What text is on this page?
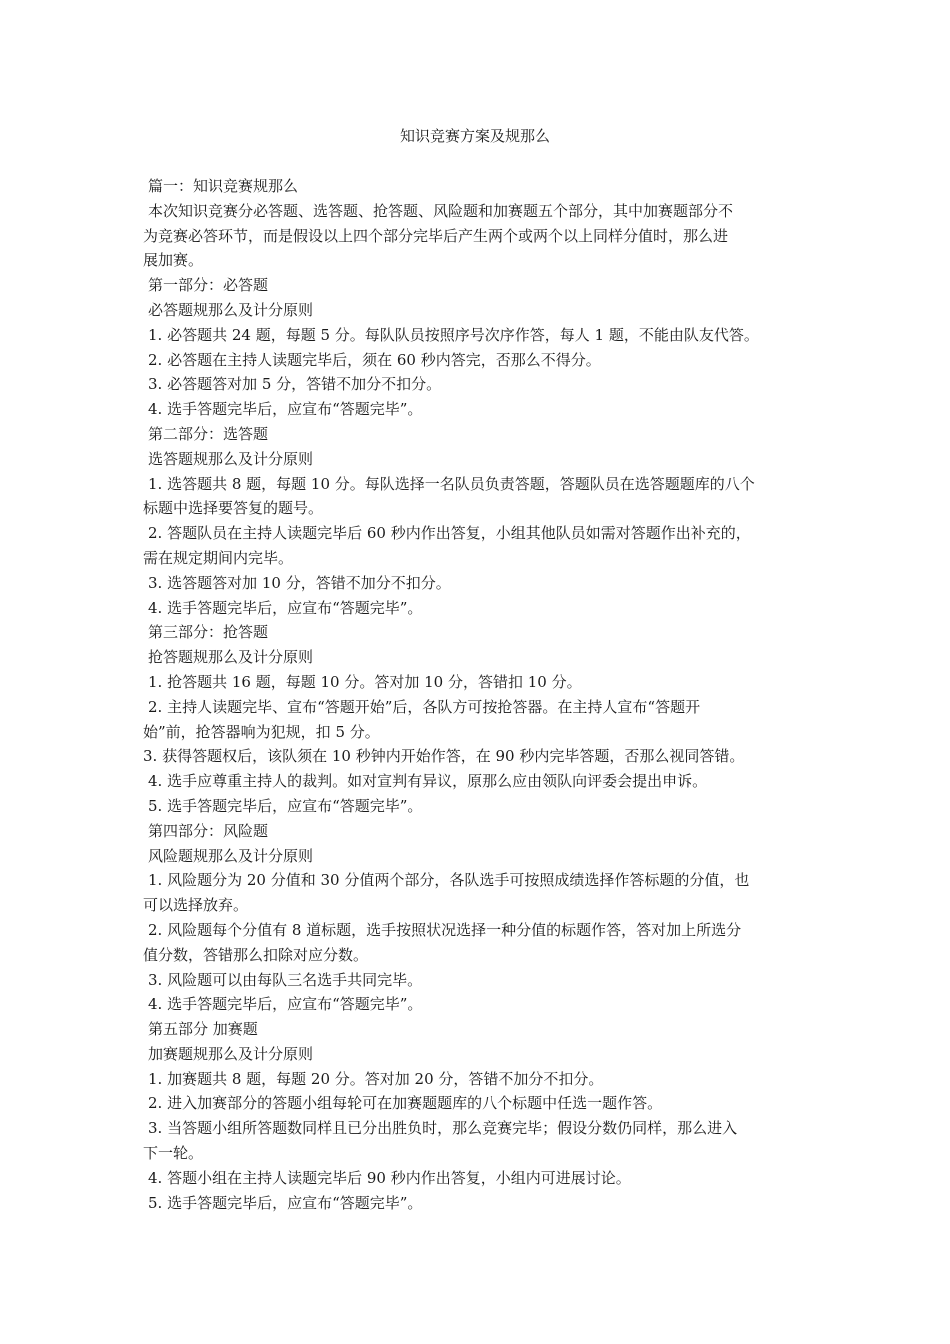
知识竞赛方案及规那么
篇一：知识竞赛规那么
本次知识竞赛分必答题、选答题、抢答题、风险题和加赛题五个部分，其中加赛题部分不
为竞赛必答环节，而是假设以上四个部分完毕后产生两个或两个以上同样分值时，那么进
展加赛。
第一部分：必答题
必答题规那么及计分原则
1. 必答题共 24 题，每题 5 分。每队队员按照序号次序作答，每人 1 题，不能由队友代答。
2. 必答题在主持人读题完毕后，须在 60 秒内答完，否那么不得分。
3. 必答题答对加 5 分，答错不加分不扣分。
4. 选手答题完毕后，应宣布“答题完毕”。
第二部分：选答题
选答题规那么及计分原则
1. 选答题共 8 题，每题 10 分。每队选择一名队员负责答题，答题队员在选答题题库的八个
标题中选择要答复的题号。
2. 答题队员在主持人读题完毕后 60 秒内作出答复，小组其他队员如需对答题作出补充的，
需在规定期间内完毕。
3. 选答题答对加 10 分，答错不加分不扣分。
4. 选手答题完毕后，应宣布“答题完毕”。
第三部分：抢答题
抢答题规那么及计分原则
1. 抢答题共 16 题，每题 10 分。答对加 10 分，答错扣 10 分。
2. 主持人读题完毕、宣布“答题开始”后，各队方可按抢答器。在主持人宣布“答题开
始”前，抢答器响为犯规，扣 5 分。
3. 获得答题权后，该队须在 10 秒钟内开始作答，在 90 秒内完毕答题，否那么视同答错。
4. 选手应尊重主持人的裁判。如对宣判有异议，原那么应由领队向评委会提出申诉。
5. 选手答题完毕后，应宣布“答题完毕”。
第四部分：风险题
风险题规那么及计分原则
1. 风险题分为 20 分值和 30 分值两个部分，各队选手可按照成绩选择作答标题的分值，也
可以选择放弃。
2. 风险题每个分值有 8 道标题，选手按照状况选择一种分值的标题作答，答对加上所选分
值分数，答错那么扣除对应分数。
3. 风险题可以由每队三名选手共同完毕。
4. 选手答题完毕后，应宣布“答题完毕”。
第五部分 加赛题
加赛题规那么及计分原则
1. 加赛题共 8 题，每题 20 分。答对加 20 分，答错不加分不扣分。
2. 进入加赛部分的答题小组每轮可在加赛题题库的八个标题中任选一题作答。
3. 当答题小组所答题数同样且已分出胜负时，那么竞赛完毕；假设分数仍同样，那么进入
下一轮。
4. 答题小组在主持人读题完毕后 90 秒内作出答复，小组内可进展讨论。
5. 选手答题完毕后，应宣布“答题完毕”。
